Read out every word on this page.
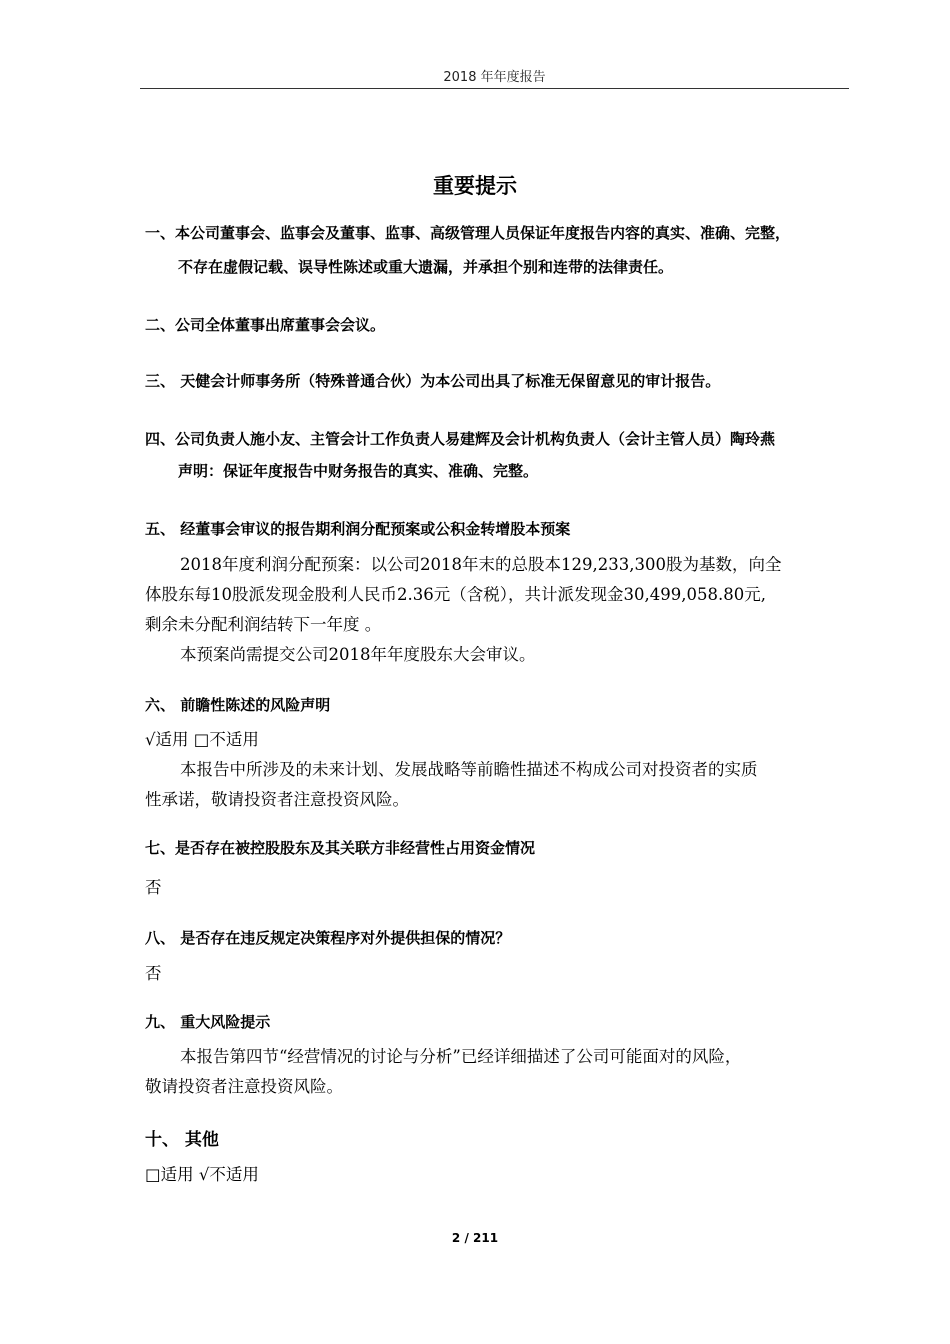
2018 年年度报告
重要提示
一、本公司董事会、监事会及董事、监事、高级管理人员保证年度报告内容的真实、准确、完整，
不存在虚假记载、误导性陈述或重大遗漏，并承担个别和连带的法律责任。
二、公司全体董事出席董事会会议。
三、 天健会计师事务所（特殊普通合伙）为本公司出具了标准无保留意见的审计报告。
四、公司负责人施小友、主管会计工作负责人易建辉及会计机构负责人（会计主管人员）陶玲燕
声明：保证年度报告中财务报告的真实、准确、完整。
五、 经董事会审议的报告期利润分配预案或公积金转增股本预案
2018年度利润分配预案：以公司2018年末的总股本129,233,300股为基数，向全
体股东每10股派发现金股利人民币2.36元（含税），共计派发现金30,499,058.80元,
剩余未分配利润结转下一年度 。
本预案尚需提交公司2018年年度股东大会审议。
六、 前瞻性陈述的风险声明
√适用 □不适用
本报告中所涉及的未来计划、发展战略等前瞻性描述不构成公司对投资者的实质
性承诺，敬请投资者注意投资风险。
七、是否存在被控股股东及其关联方非经营性占用资金情况
否
八、 是否存在违反规定决策程序对外提供担保的情况？
否
九、 重大风险提示
本报告第四节“经营情况的讨论与分析”已经详细描述了公司可能面对的风险，
敬请投资者注意投资风险。
十、 其他
□适用 √不适用
2 / 211
